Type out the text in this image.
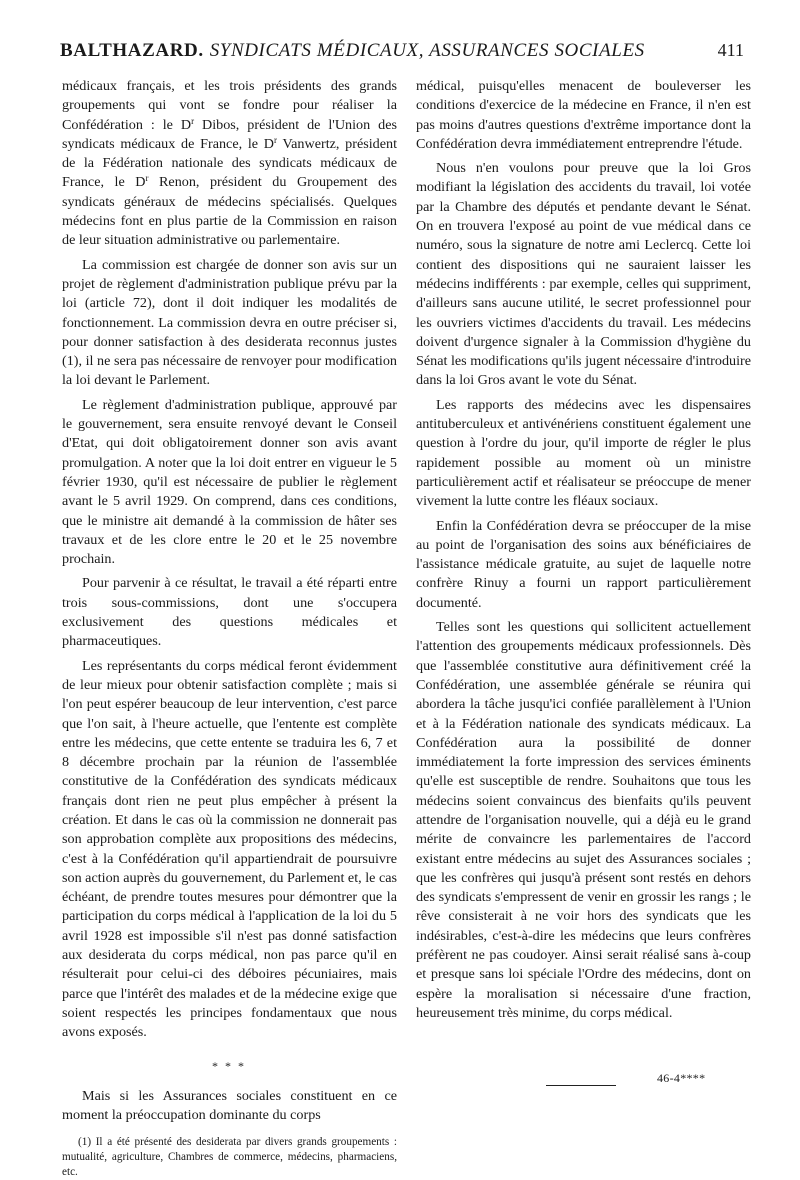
BALTHAZARD. SYNDICATS MÉDICAUX, ASSURANCES SOCIALES	411

médicaux français, et les trois présidents des grands groupements qui vont se fondre pour réaliser la Confédération : le $D^r$ Dibos, président de l'Union des syndicats médicaux de France, le $D^r$ Vanwertz, président de la Fédération nationale des syndicats médicaux de France, le $D^r$ Renon, président du Groupement des syndicats généraux de médecins spécialisés. Quelques médecins font en plus partie de la Commission en raison de leur situation administrative ou parlementaire.

La commission est chargée de donner son avis sur un projet de règlement d'administration publique prévu par la loi (article 72), dont il doit indiquer les modalités de fonctionnement. La commission devra en outre préciser si, pour donner satisfaction à des desiderata reconnus justes (1), il ne sera pas nécessaire de renvoyer pour modification la loi devant le Parlement.

Le règlement d'administration publique, approuvé par le gouvernement, sera ensuite renvoyé devant le Conseil d'Etat, qui doit obligatoirement donner son avis avant promulgation. A noter que la loi doit entrer en vigueur le 5 février 1930, qu'il est nécessaire de publier le règlement avant le 5 avril 1929. On comprend, dans ces conditions, que le ministre ait demandé à la commission de hâter ses travaux et de les clore entre le 20 et le 25 novembre prochain.

Pour parvenir à ce résultat, le travail a été réparti entre trois sous-commissions, dont une s'occupera exclusivement des questions médicales et pharmaceutiques.

Les représentants du corps médical feront évidemment de leur mieux pour obtenir satisfaction complète ; mais si l'on peut espérer beaucoup de leur intervention, c'est parce que l'on sait, à l'heure actuelle, que l'entente est complète entre les médecins, que cette entente se traduira les 6, 7 et 8 décembre prochain par la réunion de l'assemblée constitutive de la Confédération des syndicats médicaux français dont rien ne peut plus empêcher à présent la création. Et dans le cas où la commission ne donnerait pas son approbation complète aux propositions des médecins, c'est à la Confédération qu'il appartiendrait de poursuivre son action auprès du gouvernement, du Parlement et, le cas échéant, de prendre toutes mesures pour démontrer que la participation du corps médical à l'application de la loi du 5 avril 1928 est impossible s'il n'est pas donné satisfaction aux desiderata du corps médical, non pas parce qu'il en résulterait pour celui-ci des déboires pécuniaires, mais parce que l'intérêt des malades et de la médecine exige que soient respectés les principes fondamentaux que nous avons exposés.

* * *

Mais si les Assurances sociales constituent en ce moment la préoccupation dominante du corps

(1) Il a été présenté des desiderata par divers grands groupements : mutualité, agriculture, Chambres de commerce, médecins, pharmaciens, etc.

médical, puisqu'elles menacent de bouleverser les conditions d'exercice de la médecine en France, il n'en est pas moins d'autres questions d'extrême importance dont la Confédération devra immédiatement entreprendre l'étude.

Nous n'en voulons pour preuve que la loi Gros modifiant la législation des accidents du travail, loi votée par la Chambre des députés et pendante devant le Sénat. On en trouvera l'exposé au point de vue médical dans ce numéro, sous la signature de notre ami Leclercq. Cette loi contient des dispositions qui ne sauraient laisser les médecins indifférents : par exemple, celles qui suppriment, d'ailleurs sans aucune utilité, le secret professionnel pour les ouvriers victimes d'accidents du travail. Les médecins doivent d'urgence signaler à la Commission d'hygiène du Sénat les modifications qu'ils jugent nécessaire d'introduire dans la loi Gros avant le vote du Sénat.

Les rapports des médecins avec les dispensaires antituberculeux et antivénériens constituent également une question à l'ordre du jour, qu'il importe de régler le plus rapidement possible au moment où un ministre particulièrement actif et réalisateur se préoccupe de mener vivement la lutte contre les fléaux sociaux.

Enfin la Confédération devra se préoccuper de la mise au point de l'organisation des soins aux bénéficiaires de l'assistance médicale gratuite, au sujet de laquelle notre confrère Rinuy a fourni un rapport particulièrement documenté.

Telles sont les questions qui sollicitent actuellement l'attention des groupements médicaux professionnels. Dès que l'assemblée constitutive aura définitivement créé la Confédération, une assemblée générale se réunira qui abordera la tâche jusqu'ici confiée parallèlement à l'Union et à la Fédération nationale des syndicats médicaux. La Confédération aura la possibilité de donner immédiatement la forte impression des services éminents qu'elle est susceptible de rendre. Souhaitons que tous les médecins soient convaincus des bienfaits qu'ils peuvent attendre de l'organisation nouvelle, qui a déjà eu le grand mérite de convaincre les parlementaires de l'accord existant entre médecins au sujet des Assurances sociales ; que les confrères qui jusqu'à présent sont restés en dehors des syndicats s'empressent de venir en grossir les rangs ; le rêve consisterait à ne voir hors des syndicats que les indésirables, c'est-à-dire les médecins que leurs confrères préfèrent ne pas coudoyer. Ainsi serait réalisé sans à-coup et presque sans loi spéciale l'Ordre des médecins, dont on espère la moralisation si nécessaire d'une fraction, heureusement très minime, du corps médical.

46-4****
